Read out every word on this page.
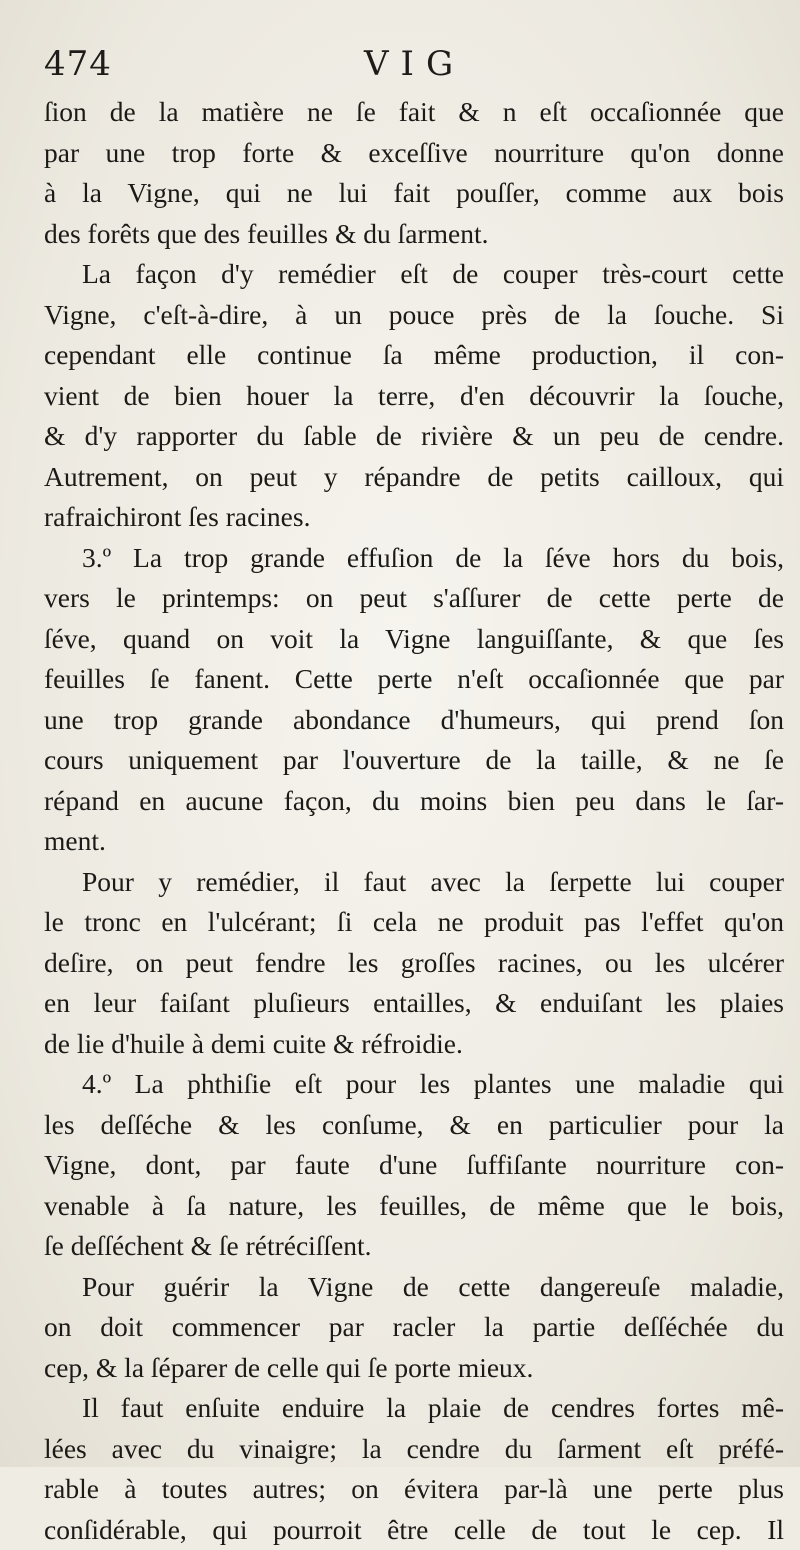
474	VIG
ſion de la matière ne ſe fait & n eſt occaſionnée que
par une trop forte & exceſſive nourriture qu'on donne
à la Vigne, qui ne lui fait pouſſer, comme aux bois
des forêts que des feuilles & du ſarment.
La façon d'y remédier eſt de couper très-court cette
Vigne, c'eſt-à-dire, à un pouce près de la ſouche. Si
cependant elle continue ſa même production, il con-
vient de bien houer la terre, d'en découvrir la ſouche,
& d'y rapporter du ſable de rivière & un peu de cendre.
Autrement, on peut y répandre de petits cailloux, qui
rafraichiront ſes racines.
3.º La trop grande effuſion de la ſéve hors du bois,
vers le printemps: on peut s'aſſurer de cette perte de
ſéve, quand on voit la Vigne languiſſante, & que ſes
feuilles ſe fanent. Cette perte n'eſt occaſionnée que par
une trop grande abondance d'humeurs, qui prend ſon
cours uniquement par l'ouverture de la taille, & ne ſe
répand en aucune façon, du moins bien peu dans le ſar-
ment.
Pour y remédier, il faut avec la ſerpette lui couper
le tronc en l'ulcérant; ſi cela ne produit pas l'effet qu'on
deſire, on peut fendre les groſſes racines, ou les ulcérer
en leur faiſant pluſieurs entailles, & enduiſant les plaies
de lie d'huile à demi cuite & réfroidie.
4.º La phthiſie eſt pour les plantes une maladie qui
les deſſéche & les conſume, & en particulier pour la
Vigne, dont, par faute d'une ſuffiſante nourriture con-
venable à ſa nature, les feuilles, de même que le bois,
ſe deſſéchent & ſe rétréciſſent.
Pour guérir la Vigne de cette dangereuſe maladie,
on doit commencer par racler la partie deſſéchée du
cep, & la ſéparer de celle qui ſe porte mieux.
Il faut enſuite enduire la plaie de cendres fortes mê-
lées avec du vinaigre; la cendre du ſarment eſt préfé-
rable à toutes autres; on évitera par-là une perte plus
conſidérable, qui pourroit être celle de tout le cep. Il
